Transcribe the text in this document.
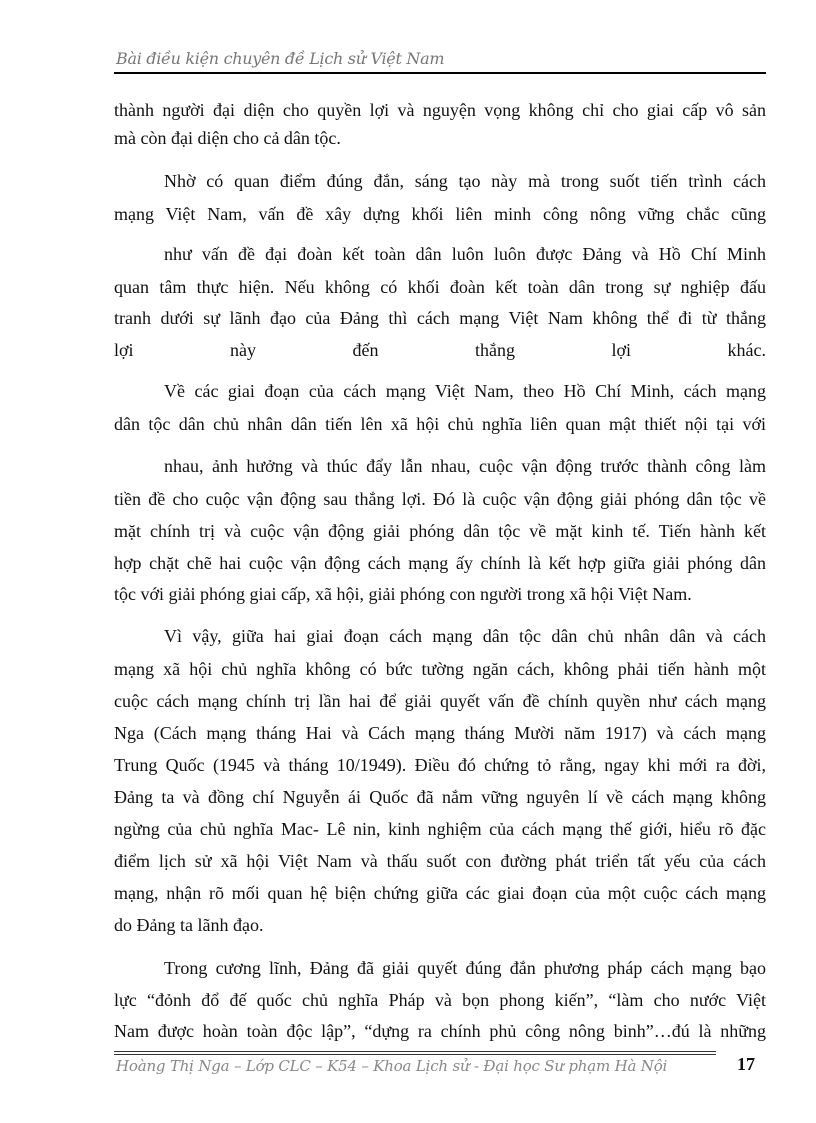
Bài điều kiện chuyên đề Lịch sử Việt Nam
thành người đại diện cho quyền lợi và nguyện vọng không chỉ cho giai cấp vô sản
mà còn đại diện cho cả dân tộc.
Nhờ có quan điểm đúng đắn, sáng tạo này mà trong suốt tiến trình cách
mạng Việt Nam, vấn đề xây dựng khối liên minh công nông vững chắc cũng
như vấn đề đại đoàn kết toàn dân luôn luôn được Đảng và Hồ Chí Minh
quan tâm thực hiện. Nếu không có khối đoàn kết toàn dân trong sự nghiệp đấu
tranh dưới sự lãnh đạo của Đảng thì cách mạng Việt Nam không thể đi từ thắng
lợi này đến thắng lợi khác.
Về các giai đoạn của cách mạng Việt Nam, theo Hồ Chí Minh, cách mạng
dân tộc dân chủ nhân dân tiến lên xã hội chủ nghĩa liên quan mật thiết nội tại với
nhau, ảnh hưởng và thúc đẩy lẫn nhau, cuộc vận động trước thành công làm
tiền đề cho cuộc vận động sau thắng lợi. Đó là cuộc vận động giải phóng dân tộc về
mặt chính trị và cuộc vận động giải phóng dân tộc về mặt kinh tế. Tiến hành kết
hợp chặt chẽ hai cuộc vận động cách mạng ấy chính là kết hợp giữa giải phóng dân
tộc với giải phóng giai cấp, xã hội, giải phóng con người trong xã hội Việt Nam.
Vì vậy, giữa hai giai đoạn cách mạng dân tộc dân chủ nhân dân và cách
mạng xã hội chủ nghĩa không có bức tường ngăn cách, không phải tiến hành một
cuộc cách mạng chính trị lần hai để giải quyết vấn đề chính quyền như cách mạng
Nga (Cách mạng tháng Hai và Cách mạng tháng Mười năm 1917) và cách mạng
Trung Quốc (1945 và tháng 10/1949). Điều đó chứng tỏ rằng, ngay khi mới ra đời,
Đảng ta và đồng chí Nguyễn ái Quốc đã nắm vững nguyên lí về cách mạng không
ngừng của chủ nghĩa Mac- Lê nin, kinh nghiệm của cách mạng thế giới, hiểu rõ đặc
điểm lịch sử xã hội Việt Nam và thấu suốt con đường phát triển tất yếu của cách
mạng, nhận rõ mối quan hệ biện chứng giữa các giai đoạn của một cuộc cách mạng
do Đảng ta lãnh đạo.
Trong cương lĩnh, Đảng đã giải quyết đúng đắn phương pháp cách mạng bạo
lực “đỏnh đổ đế quốc chủ nghĩa Pháp và bọn phong kiến”, “làm cho nước Việt
Nam được hoàn toàn độc lập”, “dựng ra chính phủ công nông binh”…đú là những
Hoàng Thị Nga – Lớp CLC – K54 – Khoa Lịch sử - Đại học Sư phạm Hà Nội	17
